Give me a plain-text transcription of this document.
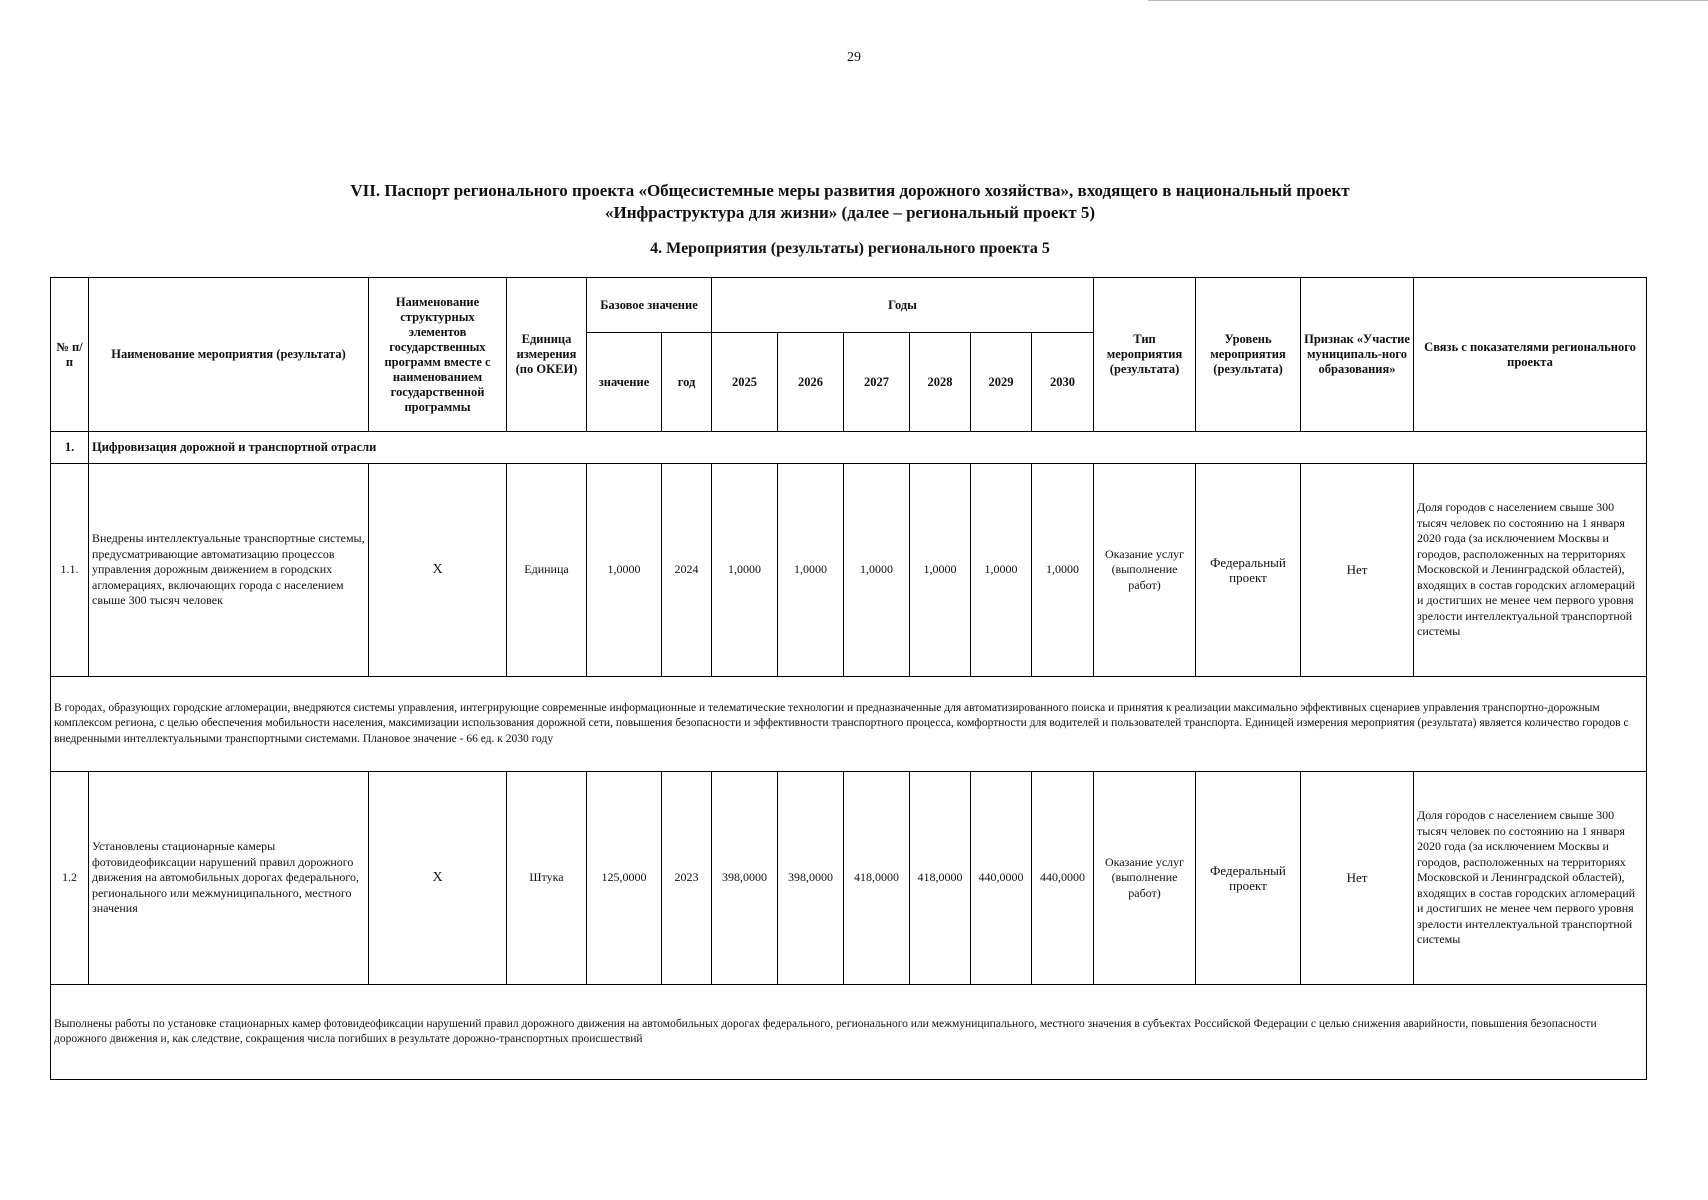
29
VII. Паспорт регионального проекта «Общесистемные меры развития дорожного хозяйства», входящего в национальный проект
«Инфраструктура для жизни» (далее – региональный проект 5)
4. Мероприятия (результаты) регионального проекта 5
№ п/п	Наименование мероприятия (результата)	Наименование структурных элементов государственных программ вместе с наименованием государственной программы	Единица измерения (по ОКЕИ)	Базовое значение		Годы						Тип мероприятия (результата)	Уровень мероприятия (результата)	Признак «Участие муниципаль-ного образования»	Связь с показателями регионального проекта
				значение	год	2025	2026	2027	2028	2029	2030				
1.	Цифровизация дорожной и транспортной отрасли														
1.1.	Внедрены интеллектуальные транспортные системы, предусматривающие автоматизацию процессов управления дорожным движением в городских агломерациях, включающих города с населением свыше 300 тысяч человек	Х	Единица	1,0000	2024	1,0000	1,0000	1,0000	1,0000	1,0000	1,0000	Оказание услуг (выполнение работ)	Федеральный проект	Нет	Доля городов с населением свыше 300 тысяч человек по состоянию на 1 января 2020 года (за исключением Москвы и городов, расположенных на территориях Московской и Ленинградской областей), входящих в состав городских агломераций и достигших не менее чем первого уровня зрелости интеллектуальной транспортной системы
В городах, образующих городские агломерации, внедряются системы управления, интегрирующие современные информационные и телематические технологии и предназначенные для автоматизированного поиска и принятия к реализации максимально эффективных сценариев управления транспортно-дорожным комплексом региона, с целью обеспечения мобильности населения, максимизации использования дорожной сети, повышения безопасности и эффективности транспортного процесса, комфортности для водителей и пользователей транспорта. Единицей измерения мероприятия (результата) является количество городов с внедренными интеллектуальными транспортными системами. Плановое значение - 66 ед. к 2030 году															
1.2	Установлены стационарные камеры фотовидеофиксации нарушений правил дорожного движения на автомобильных дорогах федерального, регионального или межмуниципального, местного значения	Х	Штука	125,0000	2023	398,0000	398,0000	418,0000	418,0000	440,0000	440,0000	Оказание услуг (выполнение работ)	Федеральный проект	Нет	Доля городов с населением свыше 300 тысяч человек по состоянию на 1 января 2020 года (за исключением Москвы и городов, расположенных на территориях Московской и Ленинградской областей), входящих в состав городских агломераций и достигших не менее чем первого уровня зрелости интеллектуальной транспортной системы
Выполнены работы по установке стационарных камер фотовидеофиксации нарушений правил дорожного движения на автомобильных дорогах федерального, регионального или межмуниципального, местного значения в субъектах Российской Федерации с целью снижения аварийности, повышения безопасности дорожного движения и, как следствие, сокращения числа погибших в результате дорожно-транспортных происшествий															
